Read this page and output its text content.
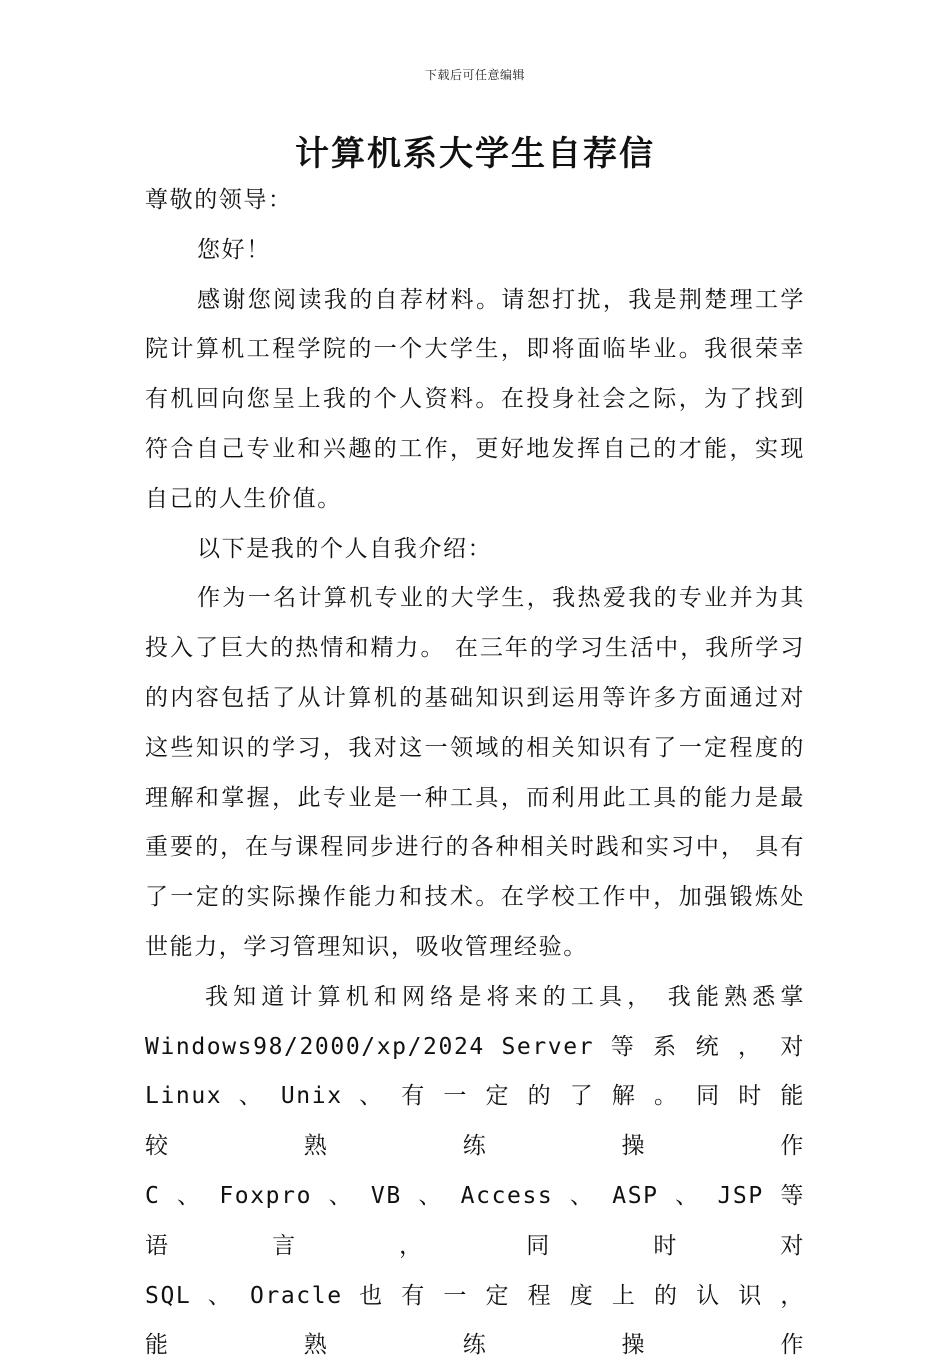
下载后可任意编辑
计算机系大学生自荐信

尊敬的领导：

您好！

感谢您阅读我的自荐材料。请恕打扰，我是荆楚理工学院计算机工程学院的一个大学生，即将面临毕业。我很荣幸有机回向您呈上我的个人资料。在投身社会之际，为了找到符合自己专业和兴趣的工作，更好地发挥自己的才能，实现自己的人生价值。

以下是我的个人自我介绍：

作为一名计算机专业的大学生，我热爱我的专业并为其投入了巨大的热情和精力。 在三年的学习生活中，我所学习的内容包括了从计算机的基础知识到运用等许多方面通过对这些知识的学习，我对这一领域的相关知识有了一定程度的理解和掌握，此专业是一种工具，而利用此工具的能力是最重要的，在与课程同步进行的各种相关时践和实习中， 具有了一定的实际操作能力和技术。在学校工作中，加强锻炼处世能力，学习管理知识，吸收管理经验。

我知道计算机和网络是将来的工具， 我能熟悉掌
Windows98/2000/xp/2024 Server 等 系 统 ， 对
Linux 、 Unix 、 有 一 定 的 了 解 。 同 时 能 较 熟 练 操 作
C 、 Foxpro 、 VB 、 Access 、 ASP 、 JSP 等 语 言 ， 同 时 对
SQL 、 Oracle 也 有 一 定 程 度 上 的 认 识 ， 能 熟 练 操 作
